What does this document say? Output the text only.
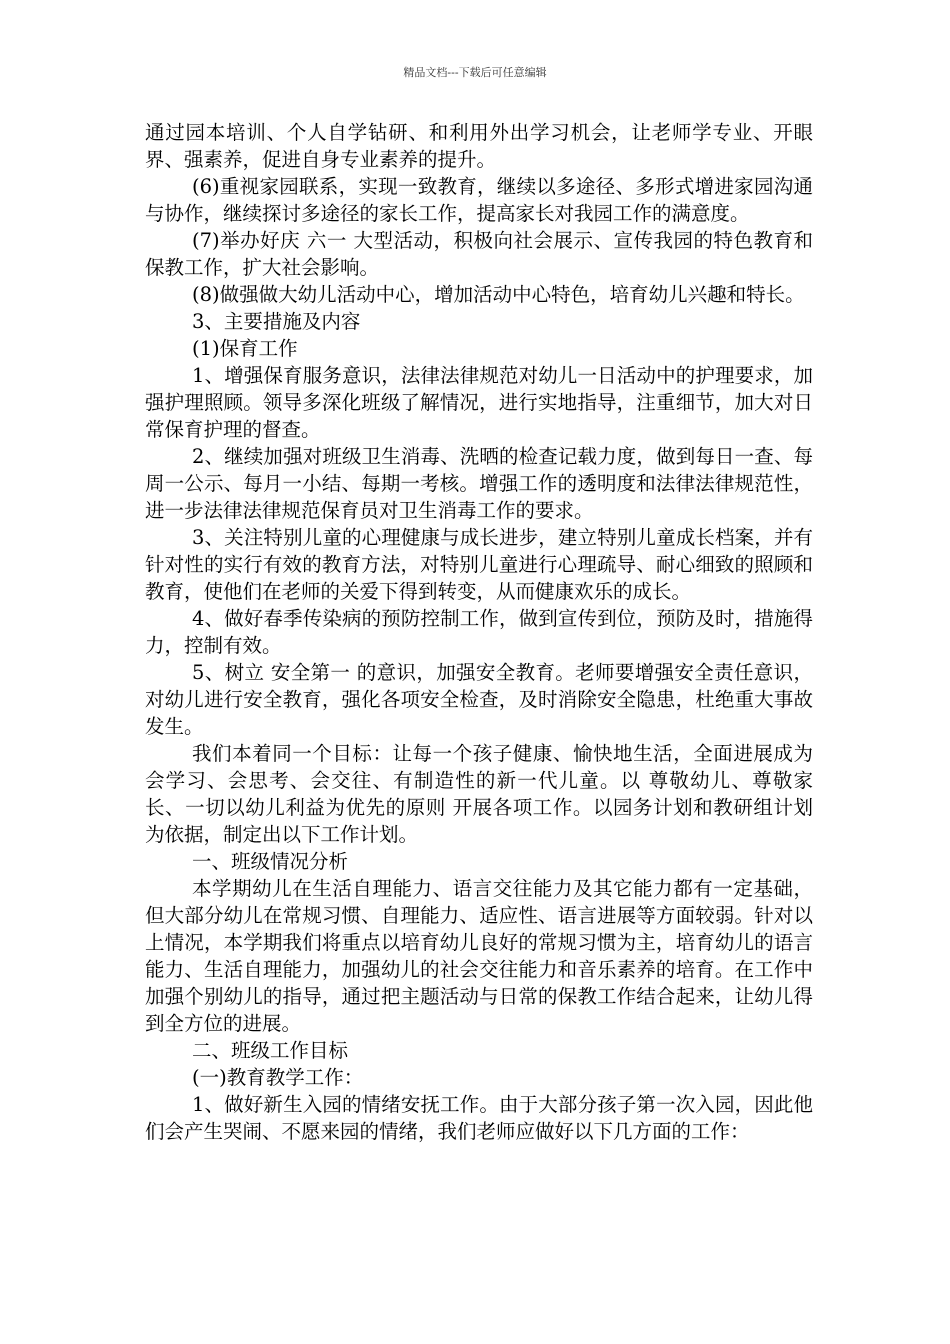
精品文档---下载后可任意编辑

通过园本培训、个人自学钻研、和利用外出学习机会，让老师学专业、开眼界、强素养，促进自身专业素养的提升。

(6)重视家园联系，实现一致教育，继续以多途径、多形式增进家园沟通与协作，继续探讨多途径的家长工作，提高家长对我园工作的满意度。

(7)举办好庆 六一 大型活动，积极向社会展示、宣传我园的特色教育和保教工作，扩大社会影响。

(8)做强做大幼儿活动中心，增加活动中心特色，培育幼儿兴趣和特长。

3、主要措施及内容

(1)保育工作

1、增强保育服务意识，法律法律规范对幼儿一日活动中的护理要求，加强护理照顾。领导多深化班级了解情况，进行实地指导，注重细节，加大对日常保育护理的督查。

2、继续加强对班级卫生消毒、洗晒的检查记载力度，做到每日一查、每周一公示、每月一小结、每期一考核。增强工作的透明度和法律法律规范性，进一步法律法律规范保育员对卫生消毒工作的要求。

3、关注特别儿童的心理健康与成长进步，建立特别儿童成长档案，并有针对性的实行有效的教育方法，对特别儿童进行心理疏导、耐心细致的照顾和教育，使他们在老师的关爱下得到转变，从而健康欢乐的成长。

4、做好春季传染病的预防控制工作，做到宣传到位，预防及时，措施得力，控制有效。

5、树立 安全第一 的意识，加强安全教育。老师要增强安全责任意识，对幼儿进行安全教育，强化各项安全检查，及时消除安全隐患，杜绝重大事故发生。

我们本着同一个目标：让每一个孩子健康、愉快地生活，全面进展成为会学习、会思考、会交往、有制造性的新一代儿童。以 尊敬幼儿、尊敬家长、一切以幼儿利益为优先的原则 开展各项工作。以园务计划和教研组计划为依据，制定出以下工作计划。

一、班级情况分析

本学期幼儿在生活自理能力、语言交往能力及其它能力都有一定基础，但大部分幼儿在常规习惯、自理能力、适应性、语言进展等方面较弱。针对以上情况，本学期我们将重点以培育幼儿良好的常规习惯为主，培育幼儿的语言能力、生活自理能力，加强幼儿的社会交往能力和音乐素养的培育。在工作中加强个别幼儿的指导，通过把主题活动与日常的保教工作结合起来，让幼儿得到全方位的进展。

二、班级工作目标

(一)教育教学工作：

1、做好新生入园的情绪安抚工作。由于大部分孩子第一次入园，因此他们会产生哭闹、不愿来园的情绪，我们老师应做好以下几方面的工作：
